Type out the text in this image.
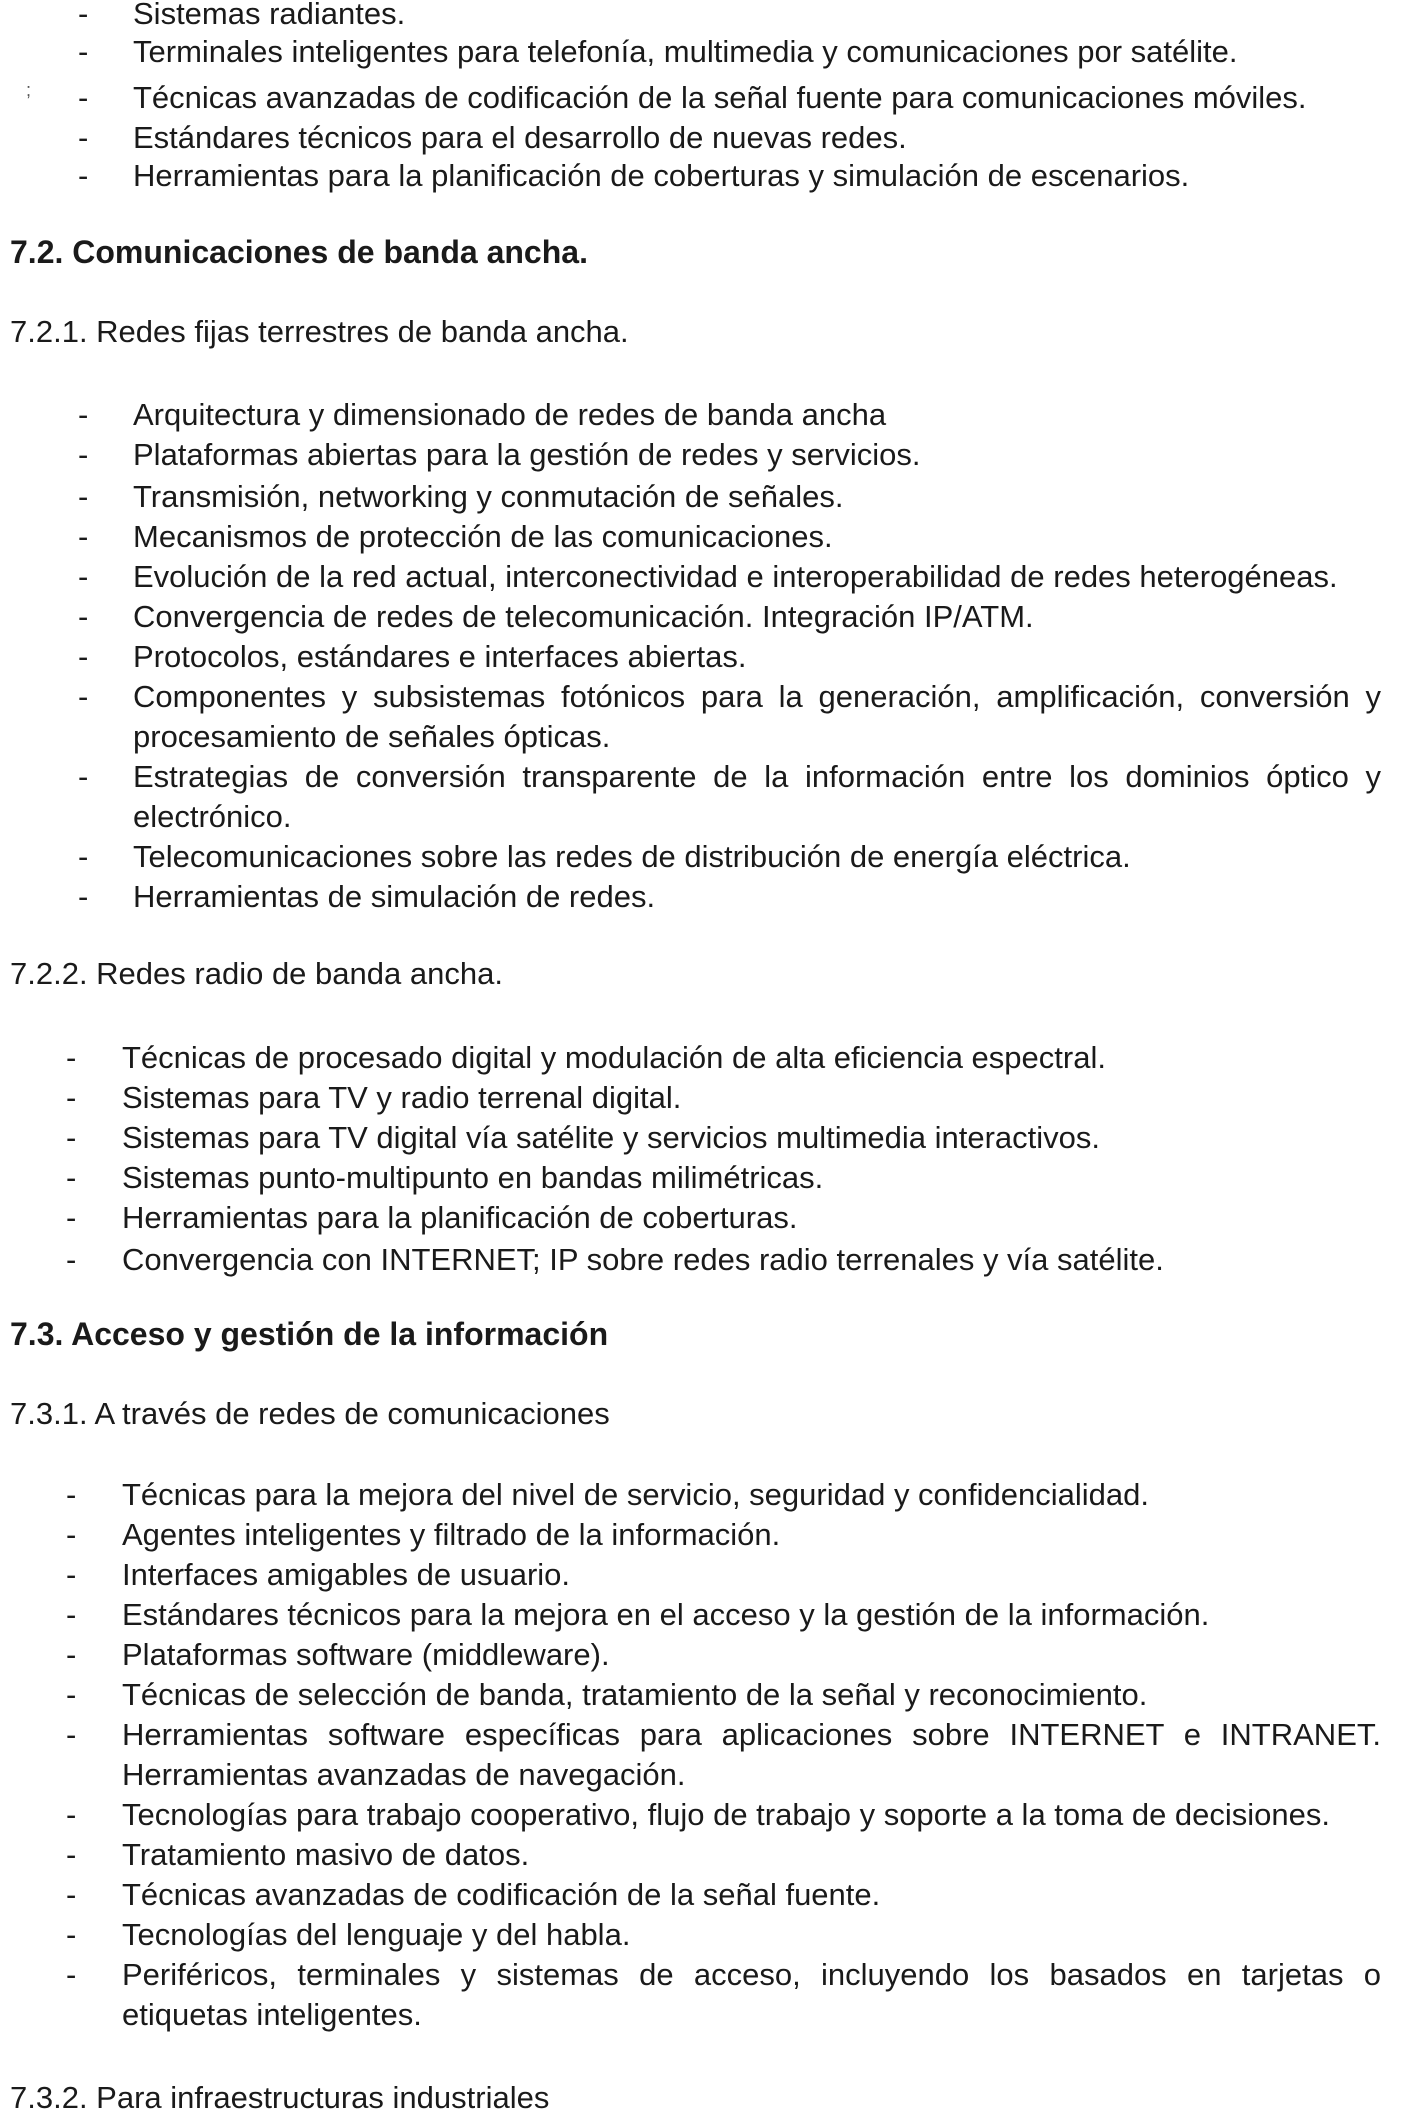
;
- Sistemas radiantes.
- Terminales inteligentes para telefonía, multimedia y comunicaciones por satélite.
- Técnicas avanzadas de codificación de la señal fuente para comunicaciones móviles.
- Estándares técnicos para el desarrollo de nuevas redes.
- Herramientas para la planificación de coberturas y simulación de escenarios.
7.2. Comunicaciones de banda ancha.
7.2.1. Redes fijas terrestres de banda ancha.
- Arquitectura y dimensionado de redes de banda ancha
- Plataformas abiertas para la gestión de redes y servicios.
- Transmisión, networking y conmutación de señales.
- Mecanismos de protección de las comunicaciones.
- Evolución de la red actual, interconectividad e interoperabilidad de redes heterogéneas.
- Convergencia de redes de telecomunicación. Integración IP/ATM.
- Protocolos, estándares e interfaces abiertas.
- Componentes y subsistemas fotónicos para la generación, amplificación, conversión y procesamiento de señales ópticas.
- Estrategias de conversión transparente de la información entre los dominios óptico y electrónico.
- Telecomunicaciones sobre las redes de distribución de energía eléctrica.
- Herramientas de simulación de redes.
7.2.2. Redes radio de banda ancha.
- Técnicas de procesado digital y modulación de alta eficiencia espectral.
- Sistemas para TV y radio terrenal digital.
- Sistemas para TV digital vía satélite y servicios multimedia interactivos.
- Sistemas punto-multipunto en bandas milimétricas.
- Herramientas para la planificación de coberturas.
- Convergencia con INTERNET; IP sobre redes radio terrenales y vía satélite.
7.3. Acceso y gestión de la información
7.3.1. A través de redes de comunicaciones
- Técnicas para la mejora del nivel de servicio, seguridad y confidencialidad.
- Agentes inteligentes y filtrado de la información.
- Interfaces amigables de usuario.
- Estándares técnicos para la mejora en el acceso y la gestión de la información.
- Plataformas software (middleware).
- Técnicas de selección de banda, tratamiento de la señal y reconocimiento.
- Herramientas software específicas para aplicaciones sobre INTERNET e INTRANET. Herramientas avanzadas de navegación.
- Tecnologías para trabajo cooperativo, flujo de trabajo y soporte a la toma de decisiones.
- Tratamiento masivo de datos.
- Técnicas avanzadas de codificación de la señal fuente.
- Tecnologías del lenguaje y del habla.
- Periféricos, terminales y sistemas de acceso, incluyendo los basados en tarjetas o etiquetas inteligentes.
7.3.2. Para infraestructuras industriales
